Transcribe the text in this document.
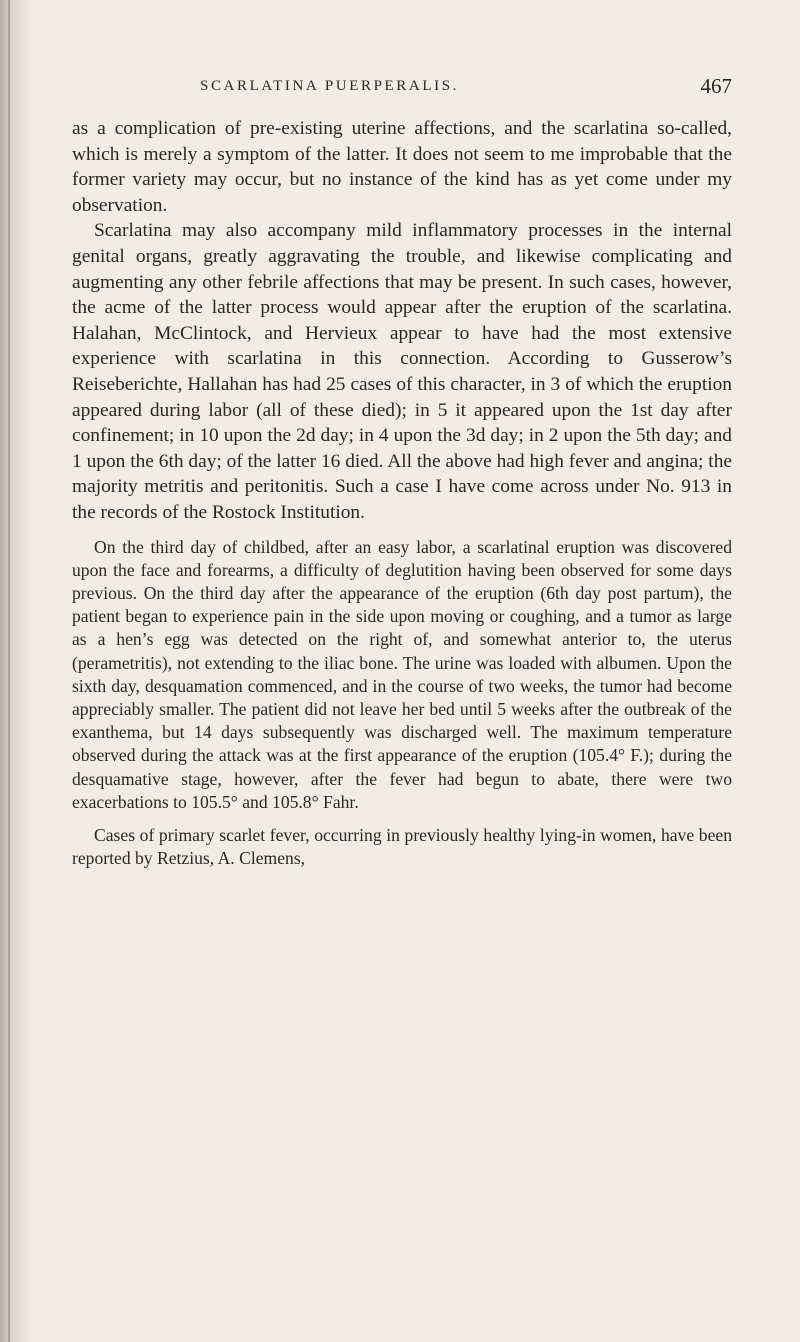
SCARLATINA PUERPERALIS.	467

as a complication of pre-existing uterine affections, and the scarlatina so-called, which is merely a symptom of the latter. It does not seem to me improbable that the former variety may occur, but no instance of the kind has as yet come under my observation.

Scarlatina may also accompany mild inflammatory processes in the internal genital organs, greatly aggravating the trouble, and likewise complicating and augmenting any other febrile affections that may be present. In such cases, however, the acme of the latter process would appear after the eruption of the scarlatina. Halahan, McClintock, and Hervieux appear to have had the most extensive experience with scarlatina in this connection. According to Gusserow’s Reiseberichte, Hallahan has had 25 cases of this character, in 3 of which the eruption appeared during labor (all of these died); in 5 it appeared upon the 1st day after confinement; in 10 upon the 2d day; in 4 upon the 3d day; in 2 upon the 5th day; and 1 upon the 6th day; of the latter 16 died. All the above had high fever and angina; the majority metritis and peritonitis. Such a case I have come across under No. 913 in the records of the Rostock Institution.

On the third day of childbed, after an easy labor, a scarlatinal eruption was discovered upon the face and forearms, a difficulty of deglutition having been observed for some days previous. On the third day after the appearance of the eruption (6th day post partum), the patient began to experience pain in the side upon moving or coughing, and a tumor as large as a hen’s egg was detected on the right of, and somewhat anterior to, the uterus (perametritis), not extending to the iliac bone. The urine was loaded with albumen. Upon the sixth day, desquamation commenced, and in the course of two weeks, the tumor had become appreciably smaller. The patient did not leave her bed until 5 weeks after the outbreak of the exanthema, but 14 days subsequently was discharged well. The maximum temperature observed during the attack was at the first appearance of the eruption (105.4° F.); during the desquamative stage, however, after the fever had begun to abate, there were two exacerbations to 105.5° and 105.8° Fahr.

Cases of primary scarlet fever, occurring in previously healthy lying-in women, have been reported by Retzius, A. Clemens,
